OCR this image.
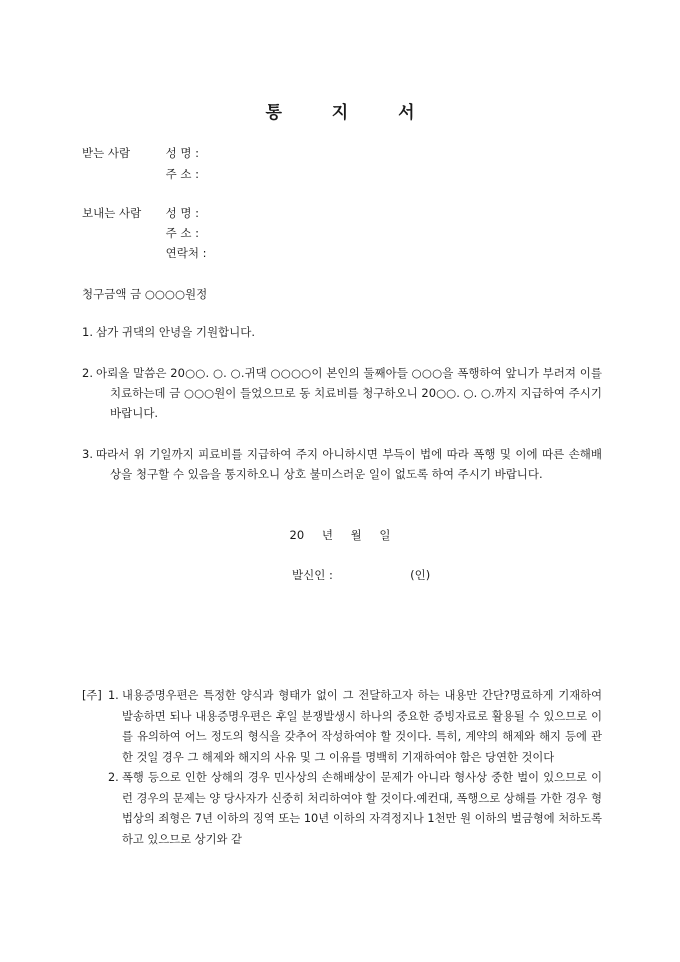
통 지 서
받는 사람	성 명 :
주 소 :
보내는 사람 성 명 :
주 소 :
연락처 :
청구금액 금 ○○○○원정
1. 삼가 귀댁의 안녕을 기원합니다.
2. 아뢰올 말씀은 20○○. ○. ○.귀댁 ○○○○이 본인의 둘째아들 ○○○을 폭행하여 앞니가 부러져 이를 치료하는데 금 ○○○원이 들었으므로 동 치료비를 청구하오니 20○○. ○. ○.까지 지급하여 주시기 바랍니다.
3. 따라서 위 기일까지 피료비를 지급하여 주지 아니하시면 부득이 법에 따라 폭행 및 이에 따른 손해배상을 청구할 수 있음을 통지하오니 상호 불미스러운 일이 없도록 하여 주시기 바랍니다.
20 년 월 일
발신인 :	(인)
[주] 1. 내용증명우편은 특정한 양식과 형태가 없이 그 전달하고자 하는 내용만 간단?명료하게 기재하여 발송하면 되나 내용증명우편은 후일 분쟁발생시 하나의 중요한 증빙자료로 활용될 수 있으므로 이를 유의하여 어느 정도의 형식을 갖추어 작성하여야 할 것이다. 특히, 계약의 해제와 해지 등에 관한 것일 경우 그 해제와 해지의 사유 및 그 이유를 명백히 기재하여야 함은 당연한 것이다
2. 폭행 등으로 인한 상해의 경우 민사상의 손해배상이 문제가 아니라 형사상 중한 벌이 있으므로 이런 경우의 문제는 양 당사자가 신중히 처리하여야 할 것이다.예컨대, 폭행으로 상해를 가한 경우 형법상의 죄형은 7년 이하의 징역 또는 10년 이하의 자격정지나 1천만 원 이하의 벌금형에 처하도록 하고 있으므로 상기와 같
